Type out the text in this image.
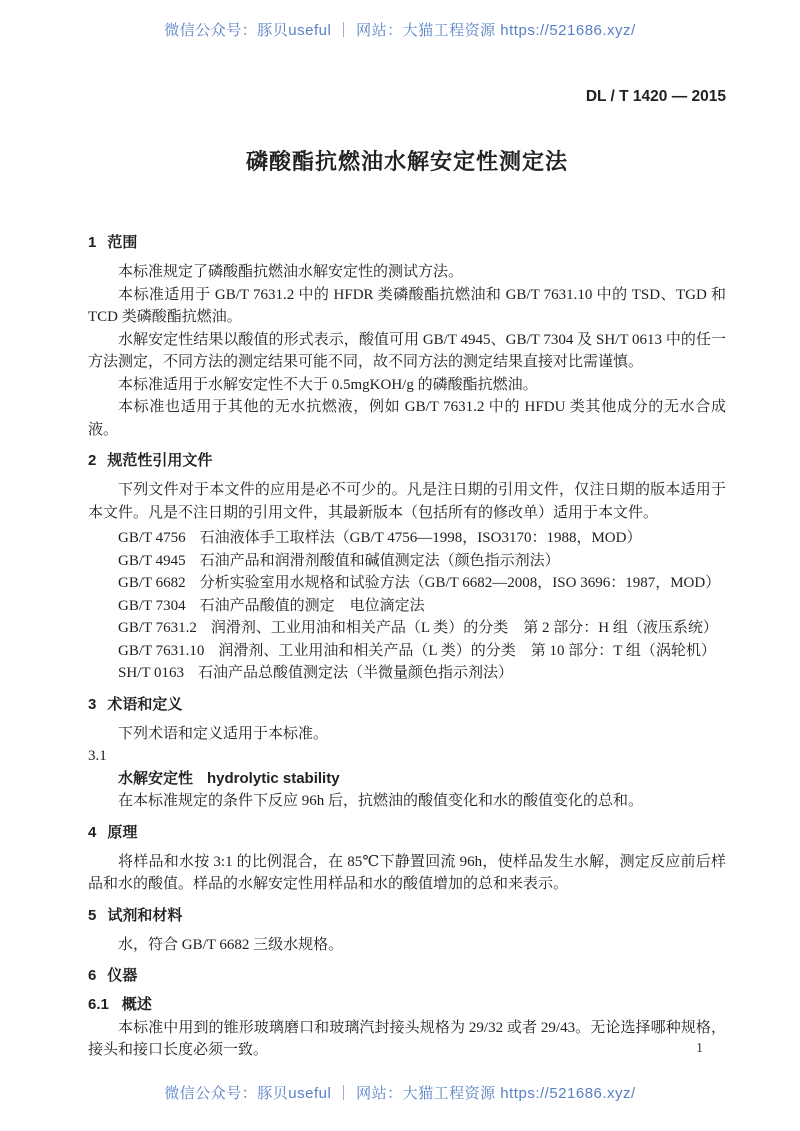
微信公众号：豚贝useful ｜ 网站：大猫工程资源 https://521686.xyz/
DL / T 1420 — 2015
磷酸酯抗燃油水解安定性测定法
1 范围

本标准规定了磷酸酯抗燃油水解安定性的测试方法。

本标准适用于 GB/T 7631.2 中的 HFDR 类磷酸酯抗燃油和 GB/T 7631.10 中的 TSD、TGD 和 TCD 类磷酸酯抗燃油。

水解安定性结果以酸值的形式表示，酸值可用 GB/T 4945、GB/T 7304 及 SH/T 0613 中的任一方法测定，不同方法的测定结果可能不同，故不同方法的测定结果直接对比需谨慎。

本标准适用于水解安定性不大于 0.5mgKOH/g 的磷酸酯抗燃油。

本标准也适用于其他的无水抗燃液，例如 GB/T 7631.2 中的 HFDU 类其他成分的无水合成液。

2 规范性引用文件

下列文件对于本文件的应用是必不可少的。凡是注日期的引用文件，仅注日期的版本适用于本文件。凡是不注日期的引用文件，其最新版本（包括所有的修改单）适用于本文件。

GB/T 4756 石油液体手工取样法（GB/T 4756—1998，ISO3170：1988，MOD）
GB/T 4945 石油产品和润滑剂酸值和碱值测定法（颜色指示剂法）
GB/T 6682 分析实验室用水规格和试验方法（GB/T 6682—2008，ISO 3696：1987，MOD）
GB/T 7304 石油产品酸值的测定　电位滴定法
GB/T 7631.2 润滑剂、工业用油和相关产品（L 类）的分类　第 2 部分：H 组（液压系统）
GB/T 7631.10 润滑剂、工业用油和相关产品（L 类）的分类　第 10 部分：T 组（涡轮机）
SH/T 0163 石油产品总酸值测定法（半微量颜色指示剂法）
3 术语和定义

下列术语和定义适用于本标准。

3.1
水解安定性 hydrolytic stability

在本标准规定的条件下反应 96h 后，抗燃油的酸值变化和水的酸值变化的总和。

4 原理

将样品和水按 3:1 的比例混合，在 85℃下静置回流 96h，使样品发生水解，测定反应前后样品和水的酸值。样品的水解安定性用样品和水的酸值增加的总和来表示。

5 试剂和材料

水，符合 GB/T 6682 三级水规格。

6 仪器
6.1 概述

本标准中用到的锥形玻璃磨口和玻璃汽封接头规格为 29/32 或者 29/43。无论选择哪种规格，接头和接口长度必须一致。	1
微信公众号：豚贝useful ｜ 网站：大猫工程资源 https://521686.xyz/
